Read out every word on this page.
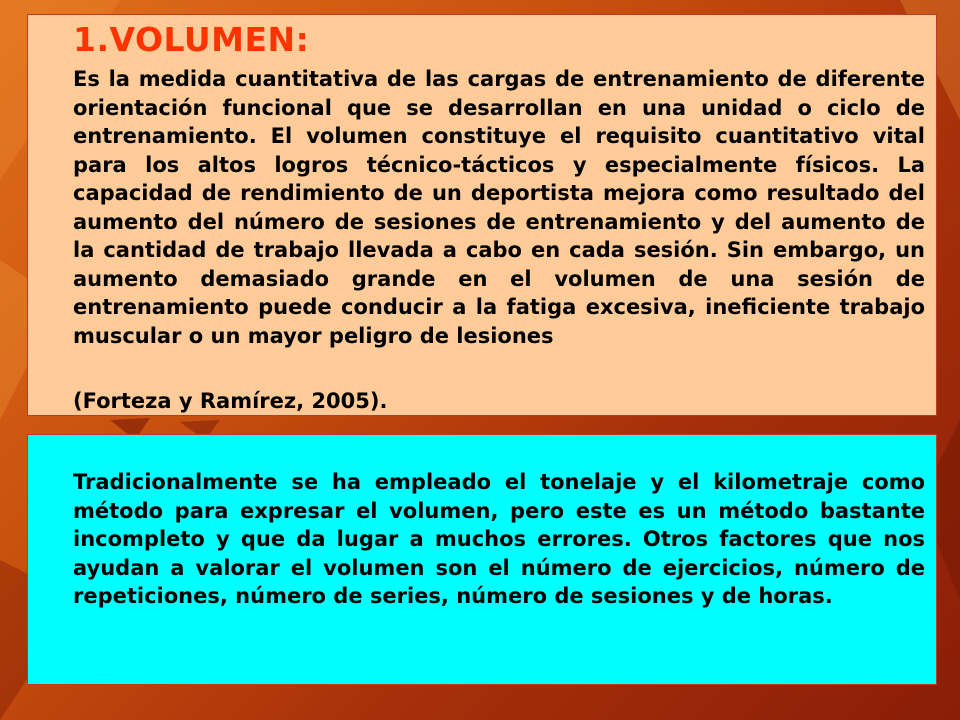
1.VOLUMEN:

Es la medida cuantitativa de las cargas de entrenamiento de diferente orientación funcional que se desarrollan en una unidad o ciclo de entrenamiento. El volumen constituye el requisito cuantitativo vital para los altos logros técnico-tácticos y especialmente físicos. La capacidad de rendimiento de un deportista mejora como resultado del aumento del número de sesiones de entrenamiento y del aumento de la cantidad de trabajo llevada a cabo en cada sesión. Sin embargo, un aumento demasiado grande en el volumen de una sesión de entrenamiento puede conducir a la fatiga excesiva, ineficiente trabajo muscular o un mayor peligro de lesiones

(Forteza y Ramírez, 2005).

Tradicionalmente se ha empleado el tonelaje y el kilometraje como método para expresar el volumen, pero este es un método bastante incompleto y que da lugar a muchos errores. Otros factores que nos ayudan a valorar el volumen son el número de ejercicios, número de repeticiones, número de series, número de sesiones y de horas.
